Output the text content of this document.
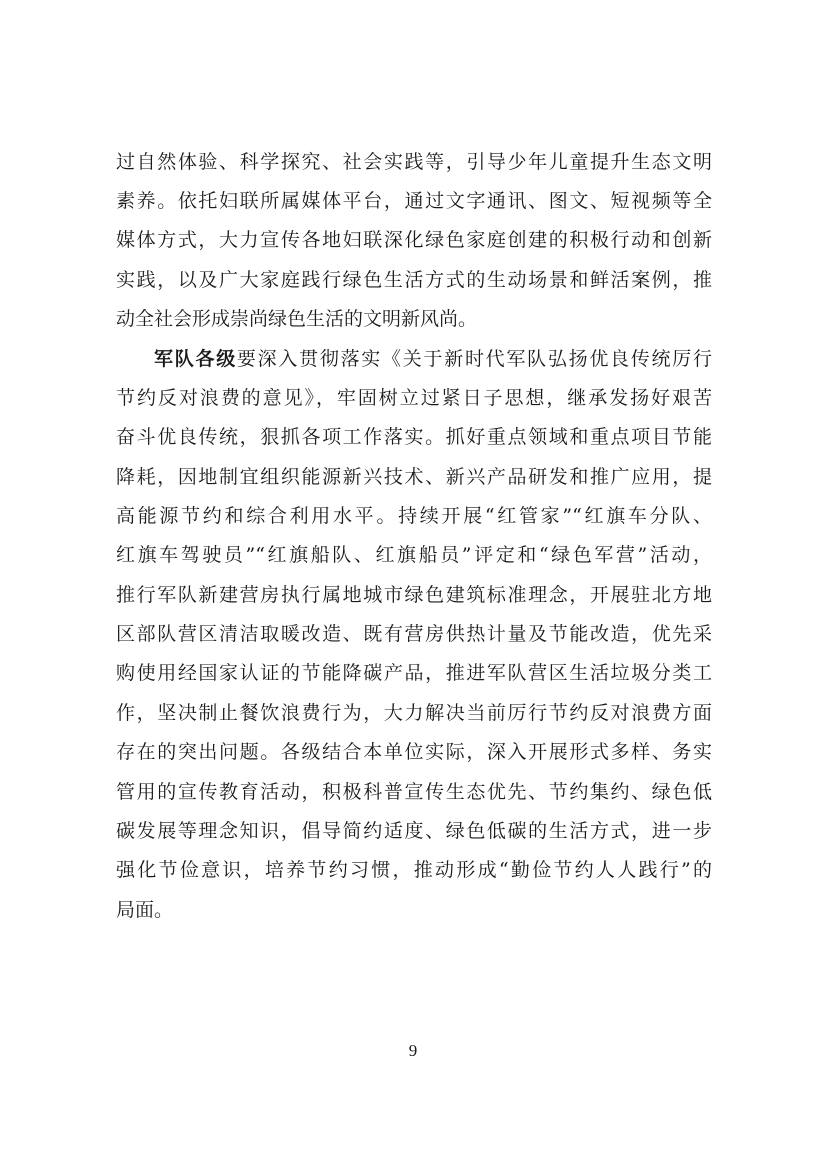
过自然体验、科学探究、社会实践等，引导少年儿童提升生态文明
素养。依托妇联所属媒体平台，通过文字通讯、图文、短视频等全
媒体方式，大力宣传各地妇联深化绿色家庭创建的积极行动和创新
实践，以及广大家庭践行绿色生活方式的生动场景和鲜活案例，推
动全社会形成崇尚绿色生活的文明新风尚。
军队各级要深入贯彻落实《关于新时代军队弘扬优良传统厉行
节约反对浪费的意见》，牢固树立过紧日子思想，继承发扬好艰苦
奋斗优良传统，狠抓各项工作落实。抓好重点领域和重点项目节能
降耗，因地制宜组织能源新兴技术、新兴产品研发和推广应用，提
高能源节约和综合利用水平。持续开展“红管家”“红旗车分队、
红旗车驾驶员”“红旗船队、红旗船员”评定和“绿色军营”活动，
推行军队新建营房执行属地城市绿色建筑标准理念，开展驻北方地
区部队营区清洁取暖改造、既有营房供热计量及节能改造，优先采
购使用经国家认证的节能降碳产品，推进军队营区生活垃圾分类工
作，坚决制止餐饮浪费行为，大力解决当前厉行节约反对浪费方面
存在的突出问题。各级结合本单位实际，深入开展形式多样、务实
管用的宣传教育活动，积极科普宣传生态优先、节约集约、绿色低
碳发展等理念知识，倡导简约适度、绿色低碳的生活方式，进一步
强化节俭意识，培养节约习惯，推动形成“勤俭节约人人践行”的
局面。
9
